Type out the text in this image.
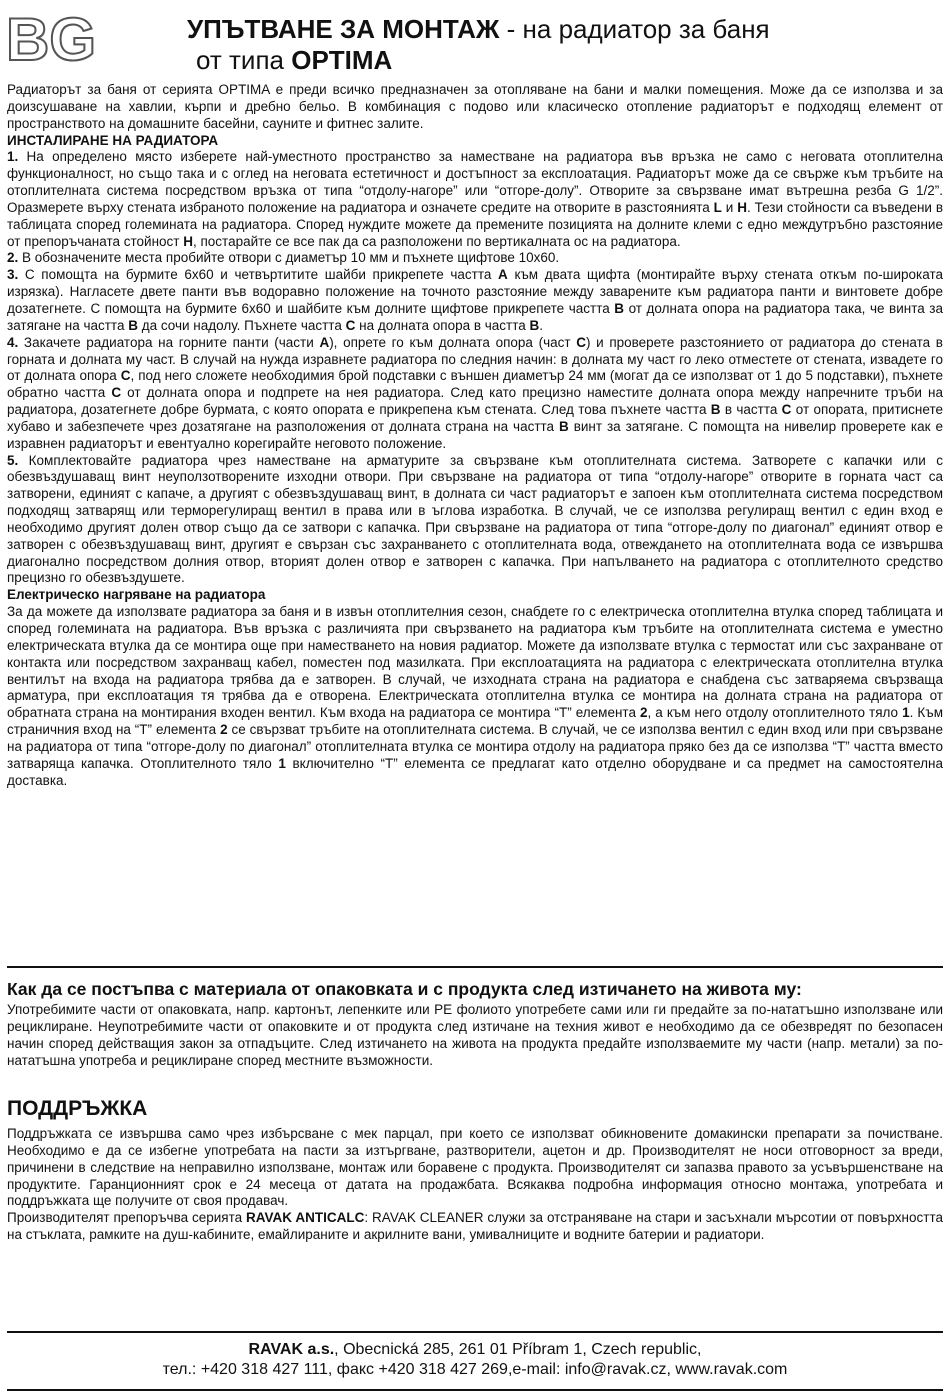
BG	УПЪТВАНЕ ЗА МОНТАЖ - на радиатор за баня
от типа OPTIMA

Радиаторът за баня от серията OPTIMA е преди всичко предназначен за отопляване на бани и малки помещения. Може да се използва и за доизсушаване на хавлии, кърпи и дребно бельо. В комбинация с подово или класическо отопление радиаторът е подходящ елемент от пространството на домашните басейни, сауните и фитнес залите.

ИНСТАЛИРАНЕ НА РАДИАТОРА

1. На определено място изберете най-уместното пространство за наместване на радиатора във връзка не само с неговата отоплителна функционалност, но също така и с оглед на неговата естетичност и достъпност за експлоатация. Радиаторът може да се свърже към тръбите на отоплителната система посредством връзка от типа “отдолу-нагоре” или “отгоре-долу”. Отворите за свързване имат вътрешна резба G 1/2”. Оразмерете върху стената избраното положение на радиатора и означете средите на отворите в разстоянията L и H. Тези стойности са въведени в таблицата според големината на радиатора. Според нуждите можете да премените позицията на долните клеми с едно междутръбно разстояние от препоръчаната стойност H, постарайте се все пак да са разположени по вертикалната ос на радиатора.

2. В обозначените места пробийте отвори с диаметър 10 мм и пъхнете щифтове 10х60.

3. С помощта на бурмите 6х60 и четвъртитите шайби прикрепете частта A към двата щифта (монтирайте върху стената откъм по-широката изрязка). Нагласете двете панти във водоравно положение на точното разстояние между заварените към радиатора панти и винтовете добре дозатегнете. С помощта на бурмите 6х60 и шайбите към долните щифтове прикрепете частта B от долната опора на радиатора така, че винта за затягане на частта B да сочи надолу. Пъхнете частта C на долната опора в частта B.

4. Закачете радиатора на горните панти (части A), опрете го към долната опора (част C) и проверете разстоянието от радиатора до стената в горната и долната му част. В случай на нужда изравнете радиатора по следния начин: в долната му част го леко отместете от стената, извадете го от долната опора C, под него сложете необходимия брой подставки с външен диаметър 24 мм (могат да се използват от 1 до 5 подставки), пъхнете обратно частта C от долната опора и подпрете на нея радиатора. След като прецизно наместите долната опора между напречните тръби на радиатора, дозатегнете добре бурмата, с която опората е прикрепена към стената. След това пъхнете частта B в частта C от опората, притиснете хубаво и забезпечете чрез дозатягане на разположения от долната страна на частта B винт за затягане. С помощта на нивелир проверете как е изравнен радиаторът и евентуално корегирайте неговото положение.

5. Комплектовайте радиатора чрез наместване на арматурите за свързване към отоплителната система. Затворете с капачки или с обезвъздушаващ винт неуползотворените изходни отвори. При свързване на радиатора от типа “отдолу-нагоре” отворите в горната част са затворени, единият с капаче, а другият с обезвъздушаващ винт, в долната си част радиаторът е запоен към отоплителната система посредством подходящ затварящ или терморегулиращ вентил в права или в ъглова изработка. В случай, че се използва регулиращ вентил с един вход е необходимо другият долен отвор също да се затвори с капачка. При свързване на радиатора от типа “отгоре-долу по диагонал” единият отвор е затворен с обезвъздушаващ винт, другият е свързан със захранването с отоплителната вода, отвеждането на отоплителната вода се извършва диагонално посредством долния отвор, вторият долен отвор е затворен с капачка. При напълването на радиатора с отоплителното средство прецизно го обезвъздушете.

Електрическо нагряване на радиатора

За да можете да използвате радиатора за баня и в извън отоплителния сезон, снабдете го с електрическа отоплителна втулка според таблицата и според големината на радиатора. Във връзка с различията при свързването на радиатора към тръбите на отоплителната система е уместно електрическата втулка да се монтира още при наместването на новия радиатор. Можете да използвате втулка с термостат или със захранване от контакта или посредством захранващ кабел, поместен под мазилката. При експлоатацията на радиатора с електрическата отоплителна втулка вентилът на входа на радиатора трябва да е затворен. В случай, че изходната страна на радиатора е снабдена със затваряема свързваща арматура, при експлоатация тя трябва да е отворена. Електрическата отоплителна втулка се монтира на долната страна на радиатора от обратната страна на монтирания входен вентил. Към входа на радиатора се монтира “Т” елемента 2, а към него отдолу отоплителното тяло 1. Към страничния вход на “Т” елемента 2 се свързват тръбите на отоплителната система. В случай, че се използва вентил с един вход или при свързване на радиатора от типа “отгоре-долу по диагонал” отоплителната втулка се монтира отдолу на радиатора пряко без да се използва “Т” частта вместо затваряща капачка. Отоплителното тяло 1 включително “Т” елемента се предлагат като отделно оборудване и са предмет на самостоятелна доставка.

Как да се постъпва с материала от опаковката и с продукта след изтичането на живота му:

Употребимите части от опаковката, напр. картонът, лепенките или PE фолиото употребете сами или ги предайте за по-нататъшно използване или рециклиране. Неупотребимите части от опаковките и от продукта след изтичане на техния живот е необходимо да се обезвредят по безопасен начин според действащия закон за отпадъците. След изтичането на живота на продукта предайте използваемите му части (напр. метали) за по-нататъшна употреба и рециклиране според местните възможности.

ПОДДРЪЖКА

Поддръжката се извършва само чрез избърсване с мек парцал, при което се използват обикновените домакински препарати за почистване. Необходимо е да се избегне употребата на пасти за изтъргване, разтворители, ацетон и др. Производителят не носи отговорност за вреди, причинени в следствие на неправилно използване, монтаж или боравене с продукта. Производителят си запазва правото за усъвършенстване на продуктите. Гаранционният срок е 24 месеца от датата на продажбата. Всякаква подробна информация относно монтажа, употребата и поддръжката ще получите от своя продавач.

Производителят препоръчва серията RAVAK ANTICALC: RAVAK CLEANER служи за отстраняване на стари и засъхнали мърсотии от повърхността на стъклата, рамките на душ-кабините, емайлираните и акрилните вани, умивалниците и водните батерии и радиатори.

RAVAK a.s., Obecnická 285, 261 01 Příbram 1, Czech republic,
тел.: +420 318 427 111, факс +420 318 427 269,e-mail: info@ravak.cz, www.ravak.com
